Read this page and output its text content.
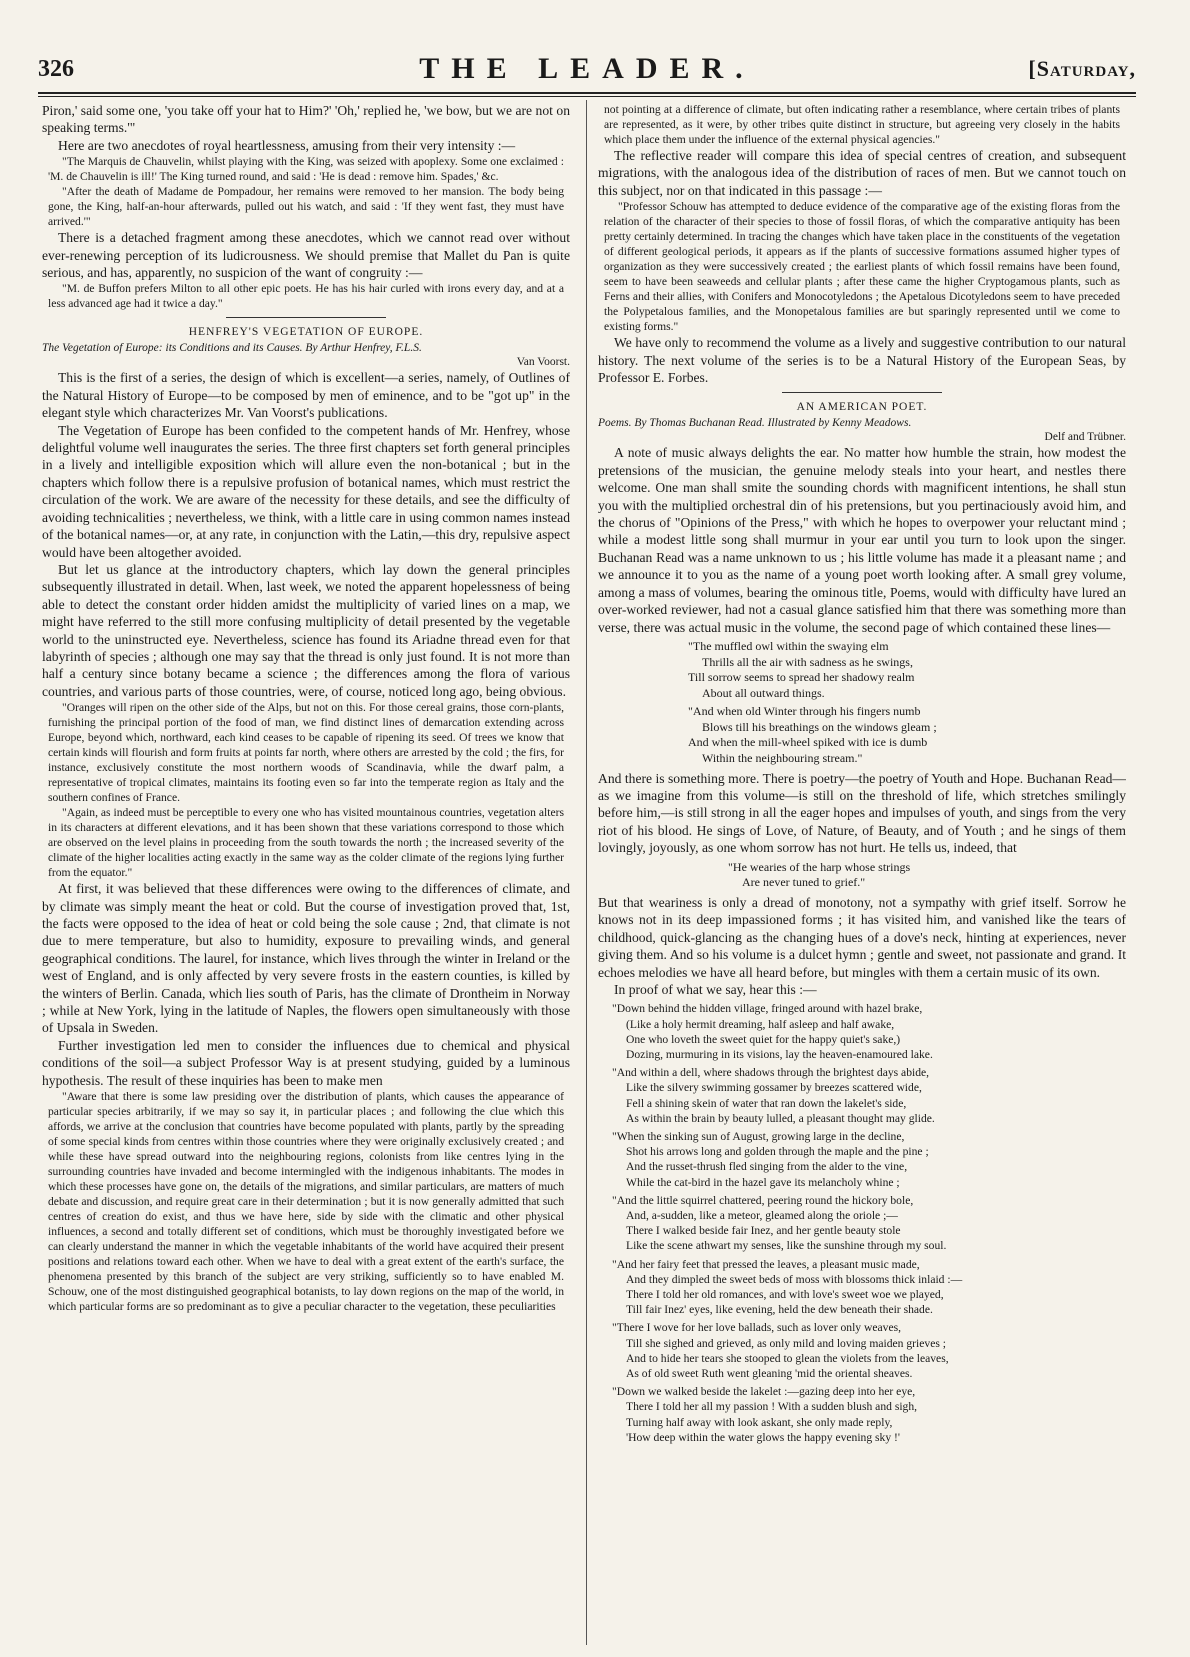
326	THE LEADER.	[Saturday,

Piron,' said some one, 'you take off your hat to Him?' 'Oh,' replied he, 'we bow, but we are not on speaking terms.'"

Here are two anecdotes of royal heartlessness, amusing from their very intensity :—

"The Marquis de Chauvelin, whilst playing with the King, was seized with apoplexy. Some one exclaimed : 'M. de Chauvelin is ill!' The King turned round, and said : 'He is dead : remove him. Spades,' &c.

"After the death of Madame de Pompadour, her remains were removed to her mansion. The body being gone, the King, half-an-hour afterwards, pulled out his watch, and said : 'If they went fast, they must have arrived.'"

There is a detached fragment among these anecdotes, which we cannot read over without ever-renewing perception of its ludicrousness. We should premise that Mallet du Pan is quite serious, and has, apparently, no suspicion of the want of congruity :—

"M. de Buffon prefers Milton to all other epic poets. He has his hair curled with irons every day, and at a less advanced age had it twice a day."

HENFREY'S VEGETATION OF EUROPE.
The Vegetation of Europe: its Conditions and its Causes. By Arthur Henfrey, F.L.S.
Van Voorst.

This is the first of a series, the design of which is excellent—a series, namely, of Outlines of the Natural History of Europe—to be composed by men of eminence, and to be "got up" in the elegant style which characterizes Mr. Van Voorst's publications.

The Vegetation of Europe has been confided to the competent hands of Mr. Henfrey, whose delightful volume well inaugurates the series. The three first chapters set forth general principles in a lively and intelligible exposition which will allure even the non-botanical ; but in the chapters which follow there is a repulsive profusion of botanical names, which must restrict the circulation of the work. We are aware of the necessity for these details, and see the difficulty of avoiding technicalities ; nevertheless, we think, with a little care in using common names instead of the botanical names—or, at any rate, in conjunction with the Latin,—this dry, repulsive aspect would have been altogether avoided.

But let us glance at the introductory chapters, which lay down the general principles subsequently illustrated in detail. When, last week, we noted the apparent hopelessness of being able to detect the constant order hidden amidst the multiplicity of varied lines on a map, we might have referred to the still more confusing multiplicity of detail presented by the vegetable world to the uninstructed eye. Nevertheless, science has found its Ariadne thread even for that labyrinth of species ; although one may say that the thread is only just found. It is not more than half a century since botany became a science ; the differences among the flora of various countries, and various parts of those countries, were, of course, noticed long ago, being obvious.

"Oranges will ripen on the other side of the Alps, but not on this. For those cereal grains, those corn-plants, furnishing the principal portion of the food of man, we find distinct lines of demarcation extending across Europe, beyond which, northward, each kind ceases to be capable of ripening its seed. Of trees we know that certain kinds will flourish and form fruits at points far north, where others are arrested by the cold ; the firs, for instance, exclusively constitute the most northern woods of Scandinavia, while the dwarf palm, a representative of tropical climates, maintains its footing even so far into the temperate region as Italy and the southern confines of France.

"Again, as indeed must be perceptible to every one who has visited mountainous countries, vegetation alters in its characters at different elevations, and it has been shown that these variations correspond to those which are observed on the level plains in proceeding from the south towards the north ; the increased severity of the climate of the higher localities acting exactly in the same way as the colder climate of the regions lying further from the equator."

At first, it was believed that these differences were owing to the differences of climate, and by climate was simply meant the heat or cold. But the course of investigation proved that, 1st, the facts were opposed to the idea of heat or cold being the sole cause ; 2nd, that climate is not due to mere temperature, but also to humidity, exposure to prevailing winds, and general geographical conditions. The laurel, for instance, which lives through the winter in Ireland or the west of England, and is only affected by very severe frosts in the eastern counties, is killed by the winters of Berlin. Canada, which lies south of Paris, has the climate of Drontheim in Norway ; while at New York, lying in the latitude of Naples, the flowers open simultaneously with those of Upsala in Sweden.

Further investigation led men to consider the influences due to chemical and physical conditions of the soil—a subject Professor Way is at present studying, guided by a luminous hypothesis. The result of these inquiries has been to make men

"Aware that there is some law presiding over the distribution of plants, which causes the appearance of particular species arbitrarily, if we may so say it, in particular places ; and following the clue which this affords, we arrive at the conclusion that countries have become populated with plants, partly by the spreading of some special kinds from centres within those countries where they were originally exclusively created ; and while these have spread outward into the neighbouring regions, colonists from like centres lying in the surrounding countries have invaded and become intermingled with the indigenous inhabitants. The modes in which these processes have gone on, the details of the migrations, and similar particulars, are matters of much debate and discussion, and require great care in their determination ; but it is now generally admitted that such centres of creation do exist, and thus we have here, side by side with the climatic and other physical influences, a second and totally different set of conditions, which must be thoroughly investigated before we can clearly understand the manner in which the vegetable inhabitants of the world have acquired their present positions and relations toward each other. When we have to deal with a great extent of the earth's surface, the phenomena presented by this branch of the subject are very striking, sufficiently so to have enabled M. Schouw, one of the most distinguished geographical botanists, to lay down regions on the map of the world, in which particular forms are so predominant as to give a peculiar character to the vegetation, these peculiarities

not pointing at a difference of climate, but often indicating rather a resemblance, where certain tribes of plants are represented, as it were, by other tribes quite distinct in structure, but agreeing very closely in the habits which place them under the influence of the external physical agencies."

The reflective reader will compare this idea of special centres of creation, and subsequent migrations, with the analogous idea of the distribution of races of men. But we cannot touch on this subject, nor on that indicated in this passage :—

"Professor Schouw has attempted to deduce evidence of the comparative age of the existing floras from the relation of the character of their species to those of fossil floras, of which the comparative antiquity has been pretty certainly determined. In tracing the changes which have taken place in the constituents of the vegetation of different geological periods, it appears as if the plants of successive formations assumed higher types of organization as they were successively created ; the earliest plants of which fossil remains have been found, seem to have been seaweeds and cellular plants ; after these came the higher Cryptogamous plants, such as Ferns and their allies, with Conifers and Monocotyledons ; the Apetalous Dicotyledons seem to have preceded the Polypetalous families, and the Monopetalous families are but sparingly represented until we come to existing forms."

We have only to recommend the volume as a lively and suggestive contribution to our natural history. The next volume of the series is to be a Natural History of the European Seas, by Professor E. Forbes.

AN AMERICAN POET.
Poems. By Thomas Buchanan Read. Illustrated by Kenny Meadows.
Delf and Trübner.

A note of music always delights the ear. No matter how humble the strain, how modest the pretensions of the musician, the genuine melody steals into your heart, and nestles there welcome. One man shall smite the sounding chords with magnificent intentions, he shall stun you with the multiplied orchestral din of his pretensions, but you pertinaciously avoid him, and the chorus of "Opinions of the Press," with which he hopes to overpower your reluctant mind ; while a modest little song shall murmur in your ear until you turn to look upon the singer. Buchanan Read was a name unknown to us ; his little volume has made it a pleasant name ; and we announce it to you as the name of a young poet worth looking after. A small grey volume, among a mass of volumes, bearing the ominous title, Poems, would with difficulty have lured an over-worked reviewer, had not a casual glance satisfied him that there was something more than verse, there was actual music in the volume, the second page of which contained these lines—

"The muffled owl within the swaying elm
Thrills all the air with sadness as he swings,
Till sorrow seems to spread her shadowy realm
About all outward things.
"And when old Winter through his fingers numb
Blows till his breathings on the windows gleam ;
And when the mill-wheel spiked with ice is dumb
Within the neighbouring stream."

And there is something more. There is poetry—the poetry of Youth and Hope. Buchanan Read—as we imagine from this volume—is still on the threshold of life, which stretches smilingly before him,—is still strong in all the eager hopes and impulses of youth, and sings from the very riot of his blood. He sings of Love, of Nature, of Beauty, and of Youth ; and he sings of them lovingly, joyously, as one whom sorrow has not hurt. He tells us, indeed, that

"He wearies of the harp whose strings
Are never tuned to grief."

But that weariness is only a dread of monotony, not a sympathy with grief itself. Sorrow he knows not in its deep impassioned forms ; it has visited him, and vanished like the tears of childhood, quick-glancing as the changing hues of a dove's neck, hinting at experiences, never giving them. And so his volume is a dulcet hymn ; gentle and sweet, not passionate and grand. It echoes melodies we have all heard before, but mingles with them a certain music of its own.

In proof of what we say, hear this :—

"Down behind the hidden village, fringed around with hazel brake,
(Like a holy hermit dreaming, half asleep and half awake,
One who loveth the sweet quiet for the happy quiet's sake,)
Dozing, murmuring in its visions, lay the heaven-enamoured lake.
"And within a dell, where shadows through the brightest days abide,
Like the silvery swimming gossamer by breezes scattered wide,
Fell a shining skein of water that ran down the lakelet's side,
As within the brain by beauty lulled, a pleasant thought may glide.
"When the sinking sun of August, growing large in the decline,
Shot his arrows long and golden through the maple and the pine ;
And the russet-thrush fled singing from the alder to the vine,
While the cat-bird in the hazel gave its melancholy whine ;
"And the little squirrel chattered, peering round the hickory bole,
And, a-sudden, like a meteor, gleamed along the oriole ;—
There I walked beside fair Inez, and her gentle beauty stole
Like the scene athwart my senses, like the sunshine through my soul.
"And her fairy feet that pressed the leaves, a pleasant music made,
And they dimpled the sweet beds of moss with blossoms thick inlaid :—
There I told her old romances, and with love's sweet woe we played,
Till fair Inez' eyes, like evening, held the dew beneath their shade.
"There I wove for her love ballads, such as lover only weaves,
Till she sighed and grieved, as only mild and loving maiden grieves ;
And to hide her tears she stooped to glean the violets from the leaves,
As of old sweet Ruth went gleaning 'mid the oriental sheaves.
"Down we walked beside the lakelet :—gazing deep into her eye,
There I told her all my passion ! With a sudden blush and sigh,
Turning half away with look askant, she only made reply,
'How deep within the water glows the happy evening sky !'
